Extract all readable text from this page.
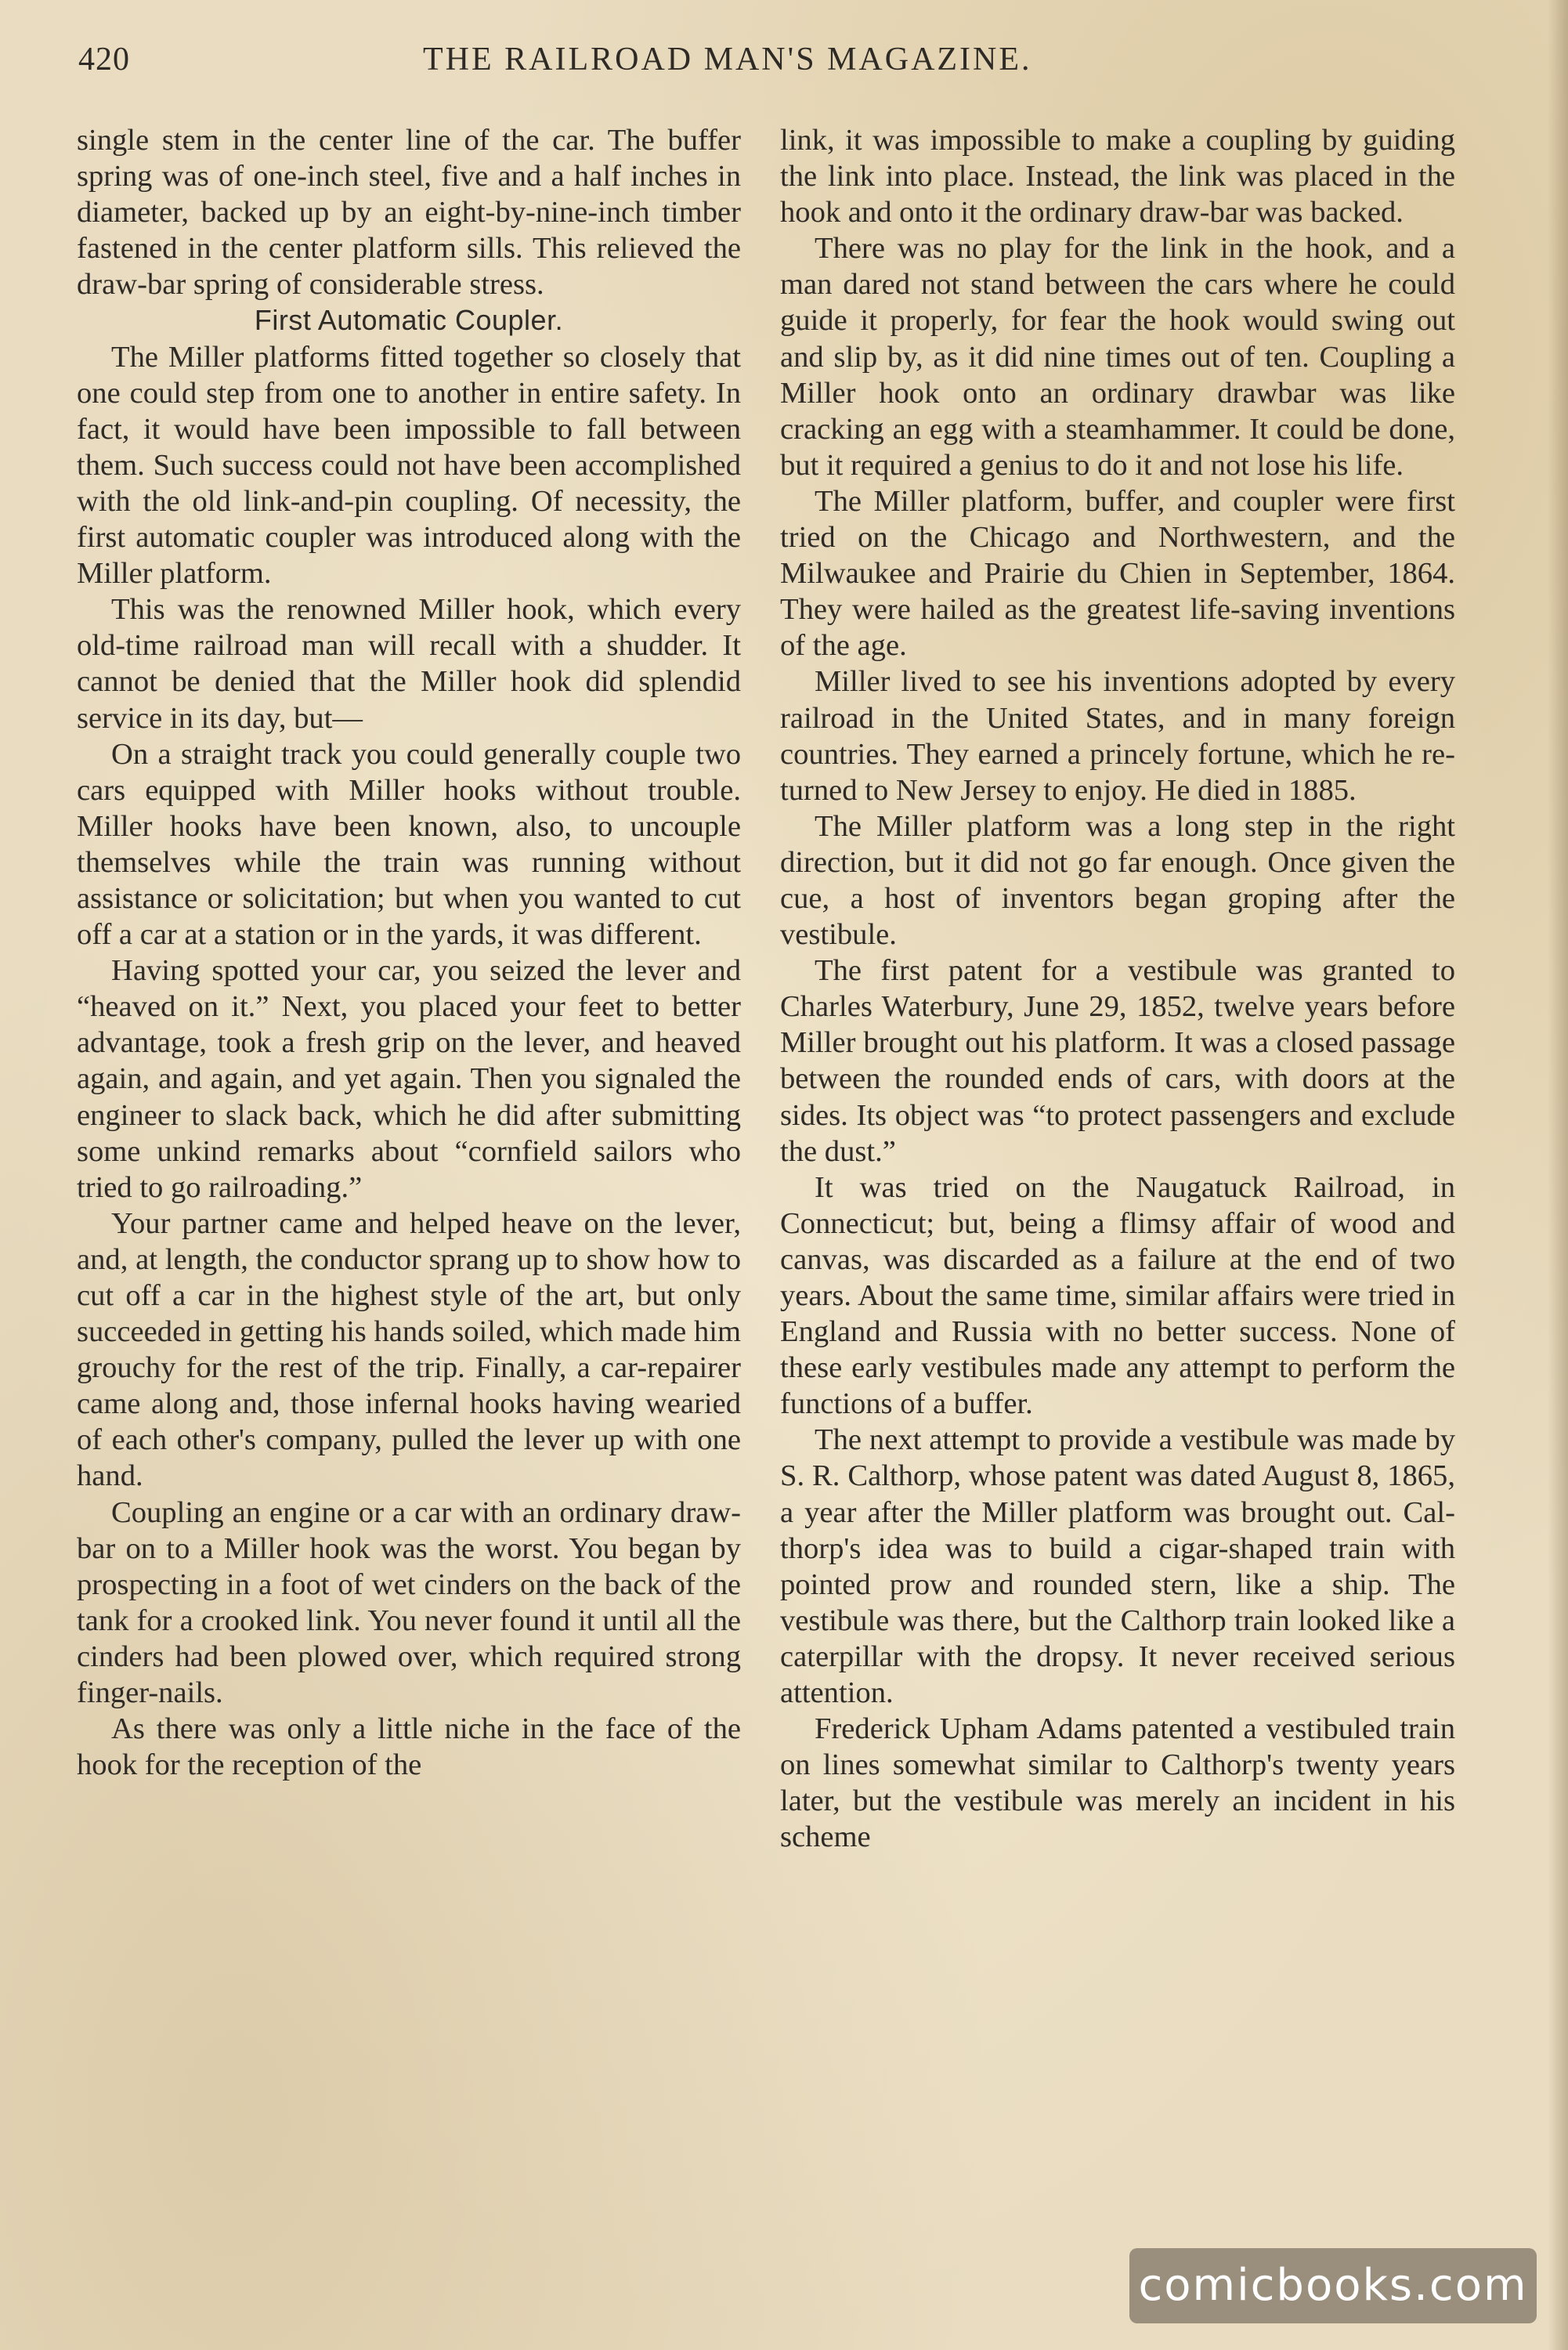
420	THE RAILROAD MAN'S MAGAZINE.

single stem in the center line of the car. The buffer spring was of one-inch steel, five and a half inches in diameter, backed up by an eight-by-nine-inch timber fastened in the center platform sills. This relieved the draw-bar spring of considerable stress.

First Automatic Coupler.

The Miller platforms fitted together so closely that one could step from one to another in entire safety. In fact, it would have been impossible to fall between them. Such success could not have been accomplished with the old link-and-pin coupling. Of necessity, the first automatic coupler was introduced along with the Miller platform.

This was the renowned Miller hook, which every old-time railroad man will recall with a shudder. It cannot be denied that the Miller hook did splendid service in its day, but—

On a straight track you could generally couple two cars equipped with Miller hooks without trouble. Miller hooks have been known, also, to uncouple themselves while the train was running without assistance or solicitation; but when you wanted to cut off a car at a station or in the yards, it was different.

Having spotted your car, you seized the lever and “heaved on it.” Next, you placed your feet to better advantage, took a fresh grip on the lever, and heaved again, and again, and yet again. Then you signaled the engineer to slack back, which he did after submitting some unkind remarks about “cornfield sailors who tried to go railroading.”

Your partner came and helped heave on the lever, and, at length, the conductor sprang up to show how to cut off a car in the highest style of the art, but only succeeded in getting his hands soiled, which made him grouchy for the rest of the trip. Finally, a car-repairer came along and, those infernal hooks having wearied of each other's company, pulled the lever up with one hand.

Coupling an engine or a car with an ordinary draw-bar on to a Miller hook was the worst. You began by prospecting in a foot of wet cinders on the back of the tank for a crooked link. You never found it until all the cinders had been plowed over, which required strong finger-nails.

As there was only a little niche in the face of the hook for the reception of the

link, it was impossible to make a coupling by guiding the link into place. Instead, the link was placed in the hook and onto it the ordinary draw-bar was backed.

There was no play for the link in the hook, and a man dared not stand between the cars where he could guide it properly, for fear the hook would swing out and slip by, as it did nine times out of ten. Coupling a Miller hook onto an ordinary drawbar was like cracking an egg with a steamhammer. It could be done, but it required a genius to do it and not lose his life.

The Miller platform, buffer, and coupler were first tried on the Chicago and Northwestern, and the Milwaukee and Prairie du Chien in September, 1864. They were hailed as the greatest life-saving inventions of the age.

Miller lived to see his inventions adopted by every railroad in the United States, and in many foreign countries. They earned a princely fortune, which he returned to New Jersey to enjoy. He died in 1885.

The Miller platform was a long step in the right direction, but it did not go far enough. Once given the cue, a host of inventors began groping after the vestibule.

The first patent for a vestibule was granted to Charles Waterbury, June 29, 1852, twelve years before Miller brought out his platform. It was a closed passage between the rounded ends of cars, with doors at the sides. Its object was “to protect passengers and exclude the dust.”

It was tried on the Naugatuck Railroad, in Connecticut; but, being a flimsy affair of wood and canvas, was discarded as a failure at the end of two years. About the same time, similar affairs were tried in England and Russia with no better success. None of these early vestibules made any attempt to perform the functions of a buffer.

The next attempt to provide a vestibule was made by S. R. Calthorp, whose patent was dated August 8, 1865, a year after the Miller platform was brought out. Calthorp's idea was to build a cigar-shaped train with pointed prow and rounded stern, like a ship. The vestibule was there, but the Calthorp train looked like a caterpillar with the dropsy. It never received serious attention.

Frederick Upham Adams patented a vestibuled train on lines somewhat similar to Calthorp's twenty years later, but the vestibule was merely an incident in his scheme

comicbooks.com
